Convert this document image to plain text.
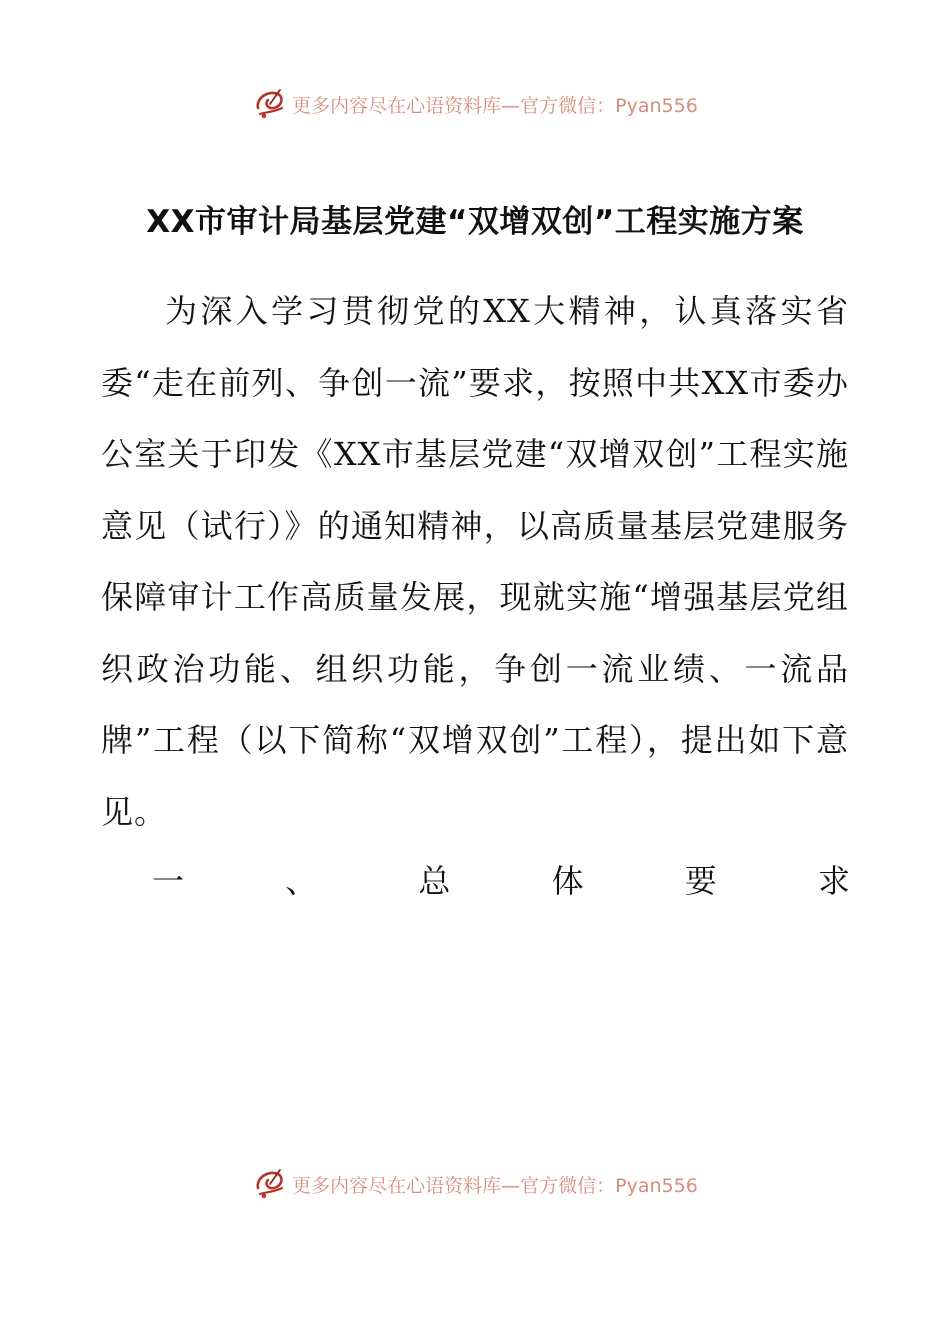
更多内容尽在心语资料库—官方微信：Pyan556
XX市审计局基层党建“双增双创”工程实施方案

为深入学习贯彻党的XX大精神，认真落实省委“走在前列、争创一流”要求，按照中共XX市委办公室关于印发《XX市基层党建“双增双创”工程实施意见（试行）》的通知精神，以高质量基层党建服务保障审计工作高质量发展，现就实施“增强基层党组织政治功能、组织功能，争创一流业绩、一流品牌”工程（以下简称“双增双创”工程），提出如下意见。

一	、	总	体	要	求
更多内容尽在心语资料库—官方微信：Pyan556
